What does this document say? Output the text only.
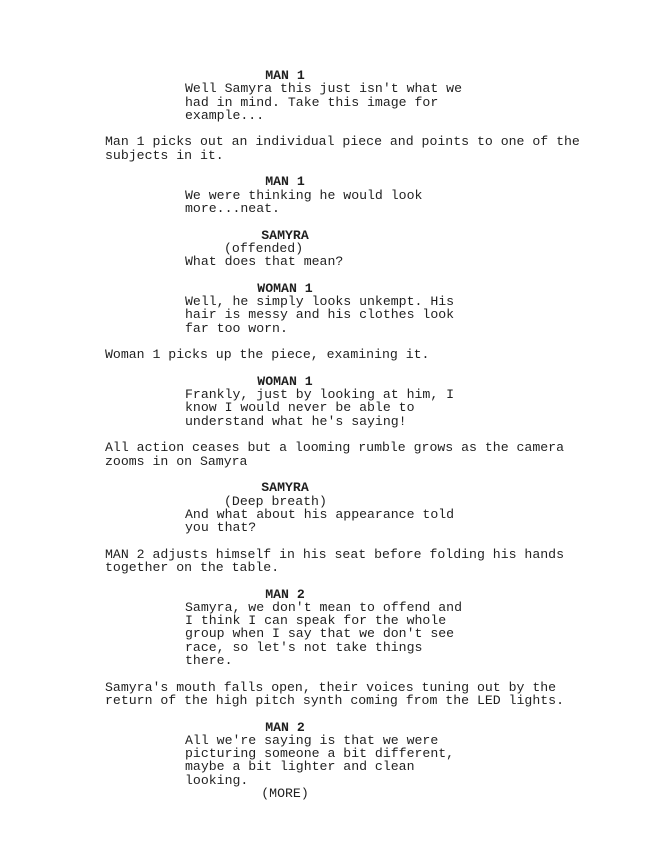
MAN 1
Well Samyra this just isn't what we
had in mind. Take this image for
example...
Man 1 picks out an individual piece and points to one of the
subjects in it.
MAN 1
We were thinking he would look
more...neat.
SAMYRA
(offended)
What does that mean?
WOMAN 1
Well, he simply looks unkempt. His
hair is messy and his clothes look
far too worn.
Woman 1 picks up the piece, examining it.
WOMAN 1
Frankly, just by looking at him, I
know I would never be able to
understand what he's saying!
All action ceases but a looming rumble grows as the camera
zooms in on Samyra
SAMYRA
(Deep breath)
And what about his appearance told
you that?
MAN 2 adjusts himself in his seat before folding his hands
together on the table.
MAN 2
Samyra, we don't mean to offend and
I think I can speak for the whole
group when I say that we don't see
race, so let's not take things
there.
Samyra's mouth falls open, their voices tuning out by the
return of the high pitch synth coming from the LED lights.
MAN 2
All we're saying is that we were
picturing someone a bit different,
maybe a bit lighter and clean
looking.
(MORE)
